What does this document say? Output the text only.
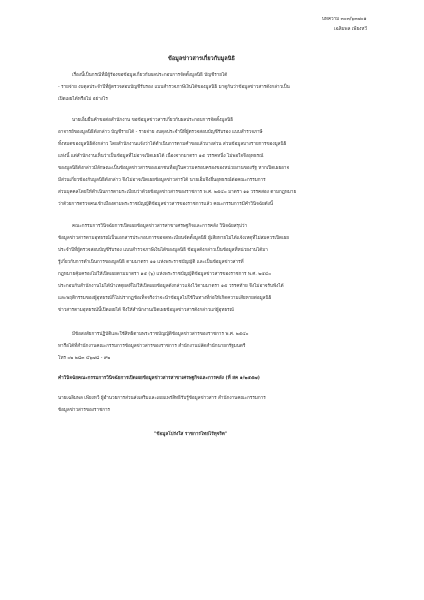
บทความ ๓๐๓/๖๓๗๐๑
เฉลิมพล เพียงหวี
ข้อมูลข่าวสารเกี่ยวกับมูลนิธิ
เรื่องนี้เป็นกรณีที่มีผู้ร้องขอข้อมูลเกี่ยวกับผลประกอบการจัดตั้งมูลนิธิ บัญชีรายได้
- รายจ่าย งบดุลประจำปีที่ผู้ตรวจสอบบัญชีรับรอง แบบสำรวจภาษีเงินได้ของมูลนิธิ มาดูกันว่าข้อมูลข่าวสารดังกล่าวเป็น
เปิดเผยได้หรือไม่ อย่างไร
นายเอ็มยื่นคำขอต่อสำนักงาน ขอข้อมูลข่าวสารเกี่ยวกับผลประกอบการจัดตั้งมูลนิธิ
อาจารย์ของมูลนิธิดังกล่าว บัญชีรายได้ - รายจ่าย งบดุลประจำปีที่ผู้ตรวจสอบบัญชีรับรอง แบบสำรวจภาษี
ทั้งหมดของมูลนิธิดังกล่าว โดยสำนักงานแจ้งว่าได้ดำเนินการตามคำขอแล้วบางส่วน ส่วนข้อมูลบางรายการของมูลนิธิ
แห่งนี้ แต่สำนักงานเห็นว่าเป็นข้อมูลที่ไม่อาจเปิดเผยได้ เนื่องจากมาตรา ๑๕ วรรคหนึ่ง ไม่พอใจจึงอุทธรณ์
ของมูลนิธิดังกล่าวมีลักษณะเป็นข้อมูลข่าวสารของเอกชนที่อยู่ในความครอบครองของหน่วยงานของรัฐ หากเปิดเผยอาจ
มีส่วนเกี่ยวข้องกับมูลนิธิดังกล่าว จึงไม่อาจเปิดเผยข้อมูลข่าวสารได้ นายเอ็มจึงยื่นอุทธรณ์ต่อคณะกรรมการ
ส่วนบุคคลโดยให้ดำเนินการตามระเบียบว่าด้วยข้อมูลข่าวสารของราชการ พ.ศ. ๒๕๔๐ มาตรา ๑๑ วรรคสอง ตามกฎหมาย
ว่าด้วยการตรวจคนเข้าเมืองตามพระราชบัญญัติข้อมูลข่าวสารของราชการแล้ว คณะกรรมการมีคำวินิจฉัยดังนี้
คณะกรรมการวินิจฉัยการเปิดเผยข้อมูลข่าวสารสาขาเศรษฐกิจและการคลัง วินิจฉัยสรุปว่า
ข้อมูลข่าวสารตามอุทธรณ์เป็นเอกสารประกอบการขอจดทะเบียนจัดตั้งมูลนิธิ ผู้เสียหายไม่ได้แจ้งเหตุที่ไม่สมควรเปิดเผย
ประจำปีที่ผู้ตรวจสอบบัญชีรับรอง แบบสำรวจภาษีเงินได้ของมูลนิธิ ข้อมูลดังกล่าวเป็นข้อมูลที่หน่วยงานได้มา
รู้เกี่ยวกับการดำเนินการของมูลนิธิ ตามมาตรา ๑๑ แห่งพระราชบัญญัติ และเป็นข้อมูลข่าวสารที่
กฎหมายคุ้มครองไม่ให้เปิดเผยตามมาตรา ๑๕ (๖) แห่งพระราชบัญญัติข้อมูลข่าวสารของราชการ พ.ศ. ๒๕๔๐
ประกอบกับสำนักงานไม่ได้นำเหตุผลที่ไม่ให้เปิดเผยข้อมูลดังกล่าวแจ้งไว้ตามมาตรา ๑๕ วรรคท้าย จึงไม่อาจรับฟังได้
และพฤติกรรมของผู้อุทธรณ์ก็ไม่ปรากฏข้อเท็จจริงว่าจะนำข้อมูลไปใช้ในทางที่ก่อให้เกิดความเสียหายต่อมูลนิธิ
ข่าวสารตามอุทธรณ์นี้เปิดเผยได้ จึงให้สำนักงานเปิดเผยข้อมูลข่าวสารดังกล่าวแก่ผู้อุทธรณ์
มีข้อสงสัยการปฏิบัติและใช้สิทธิตามพระราชบัญญัติข้อมูลข่าวสารของราชการ พ.ศ. ๒๕๔๐
หารือได้ที่สำนักงานคณะกรรมการข้อมูลข่าวสารของราชการ สำนักงานปลัดสำนักนายกรัฐมนตรี
โทร ๐๒ ๒๘๓ ๔๖๗๘ - ๙๒
คำวินิจฉัยคณะกรรมการวินิจฉัยการเปิดเผยข้อมูลข่าวสารสาขาเศรษฐกิจและการคลัง (ที่ สค ๑/๒๕๕๗)
นายเฉลิมพล เพียงหวี ผู้อำนวยการส่วนส่งเสริมและเผยแพร่สิทธิรับรู้ข้อมูลข่าวสาร สำนักงานคณะกรรมการ
ข้อมูลข่าวสารของราชการ
"ข้อมูลโปร่งใส ราชการไทยไร้ทุจริต"
